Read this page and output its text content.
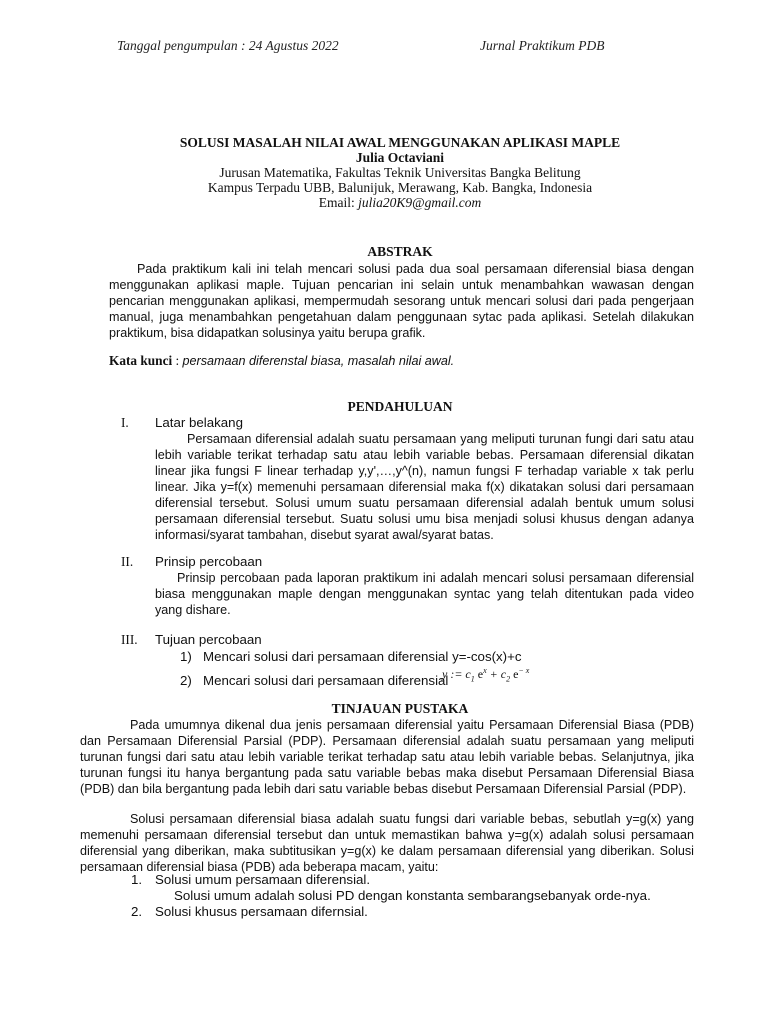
Tanggal pengumpulan : 24 Agustus 2022	Jurnal Praktikum PDB
SOLUSI MASALAH NILAI AWAL MENGGUNAKAN APLIKASI MAPLE
Julia Octaviani
Jurusan Matematika, Fakultas Teknik Universitas Bangka Belitung
Kampus Terpadu UBB, Balunijuk, Merawang, Kab. Bangka, Indonesia
Email: julia20K9@gmail.com
ABSTRAK
Pada praktikum kali ini telah mencari solusi pada dua soal persamaan diferensial biasa dengan menggunakan aplikasi maple. Tujuan pencarian ini selain untuk menambahkan wawasan dengan pencarian menggunakan aplikasi, mempermudah sesorang untuk mencari solusi dari pada pengerjaan manual, juga menambahkan pengetahuan dalam penggunaan sytac pada aplikasi. Setelah dilakukan praktikum, bisa didapatkan solusinya yaitu berupa grafik.
Kata kunci : persamaan diferenstal biasa, masalah nilai awal.
PENDAHULUAN
I. Latar belakang
Persamaan diferensial adalah suatu persamaan yang meliputi turunan fungi dari satu atau lebih variable terikat terhadap satu atau lebih variable bebas. Persamaan diferensial dikatan linear jika fungsi F linear terhadap y,y',…,y^(n), namun fungsi F terhadap variable x tak perlu linear. Jika y=f(x) memenuhi persamaan diferensial maka f(x) dikatakan solusi dari persamaan diferensial tersebut. Solusi umum suatu persamaan diferensial adalah bentuk umum solusi persamaan diferensial tersebut. Suatu solusi umu bisa menjadi solusi khusus dengan adanya informasi/syarat tambahan, disebut syarat awal/syarat batas.
II. Prinsip percobaan
Prinsip percobaan pada laporan praktikum ini adalah mencari solusi persamaan diferensial biasa menggunakan maple dengan menggunakan syntac yang telah ditentukan pada video yang dishare.
III. Tujuan percobaan
1) Mencari solusi dari persamaan diferensial y=-cos(x)+c
2) Mencari solusi dari persamaan diferensial
y := $c_1$ $e^x + c_2$ $e^{- x}$
TINJAUAN PUSTAKA
Pada umumnya dikenal dua jenis persamaan diferensial yaitu Persamaan Diferensial Biasa (PDB) dan Persamaan Diferensial Parsial (PDP). Persamaan diferensial adalah suatu persamaan yang meliputi turunan fungsi dari satu atau lebih variable terikat terhadap satu atau lebih variable bebas. Selanjutnya, jika turunan fungsi itu hanya bergantung pada satu variable bebas maka disebut Persamaan Diferensial Biasa (PDB) dan bila bergantung pada lebih dari satu variable bebas disebut Persamaan Diferensial Parsial (PDP).
Solusi persamaan diferensial biasa adalah suatu fungsi dari variable bebas, sebutlah y=g(x) yang memenuhi persamaan diferensial tersebut dan untuk memastikan bahwa y=g(x) adalah solusi persamaan diferensial yang diberikan, maka subtitusikan y=g(x) ke dalam persamaan diferensial yang diberikan. Solusi persamaan diferensial biasa (PDB) ada beberapa macam, yaitu:
1. Solusi umum persamaan diferensial.
Solusi umum adalah solusi PD dengan konstanta sembarangsebanyak orde-nya.
2. Solusi khusus persamaan difernsial.
